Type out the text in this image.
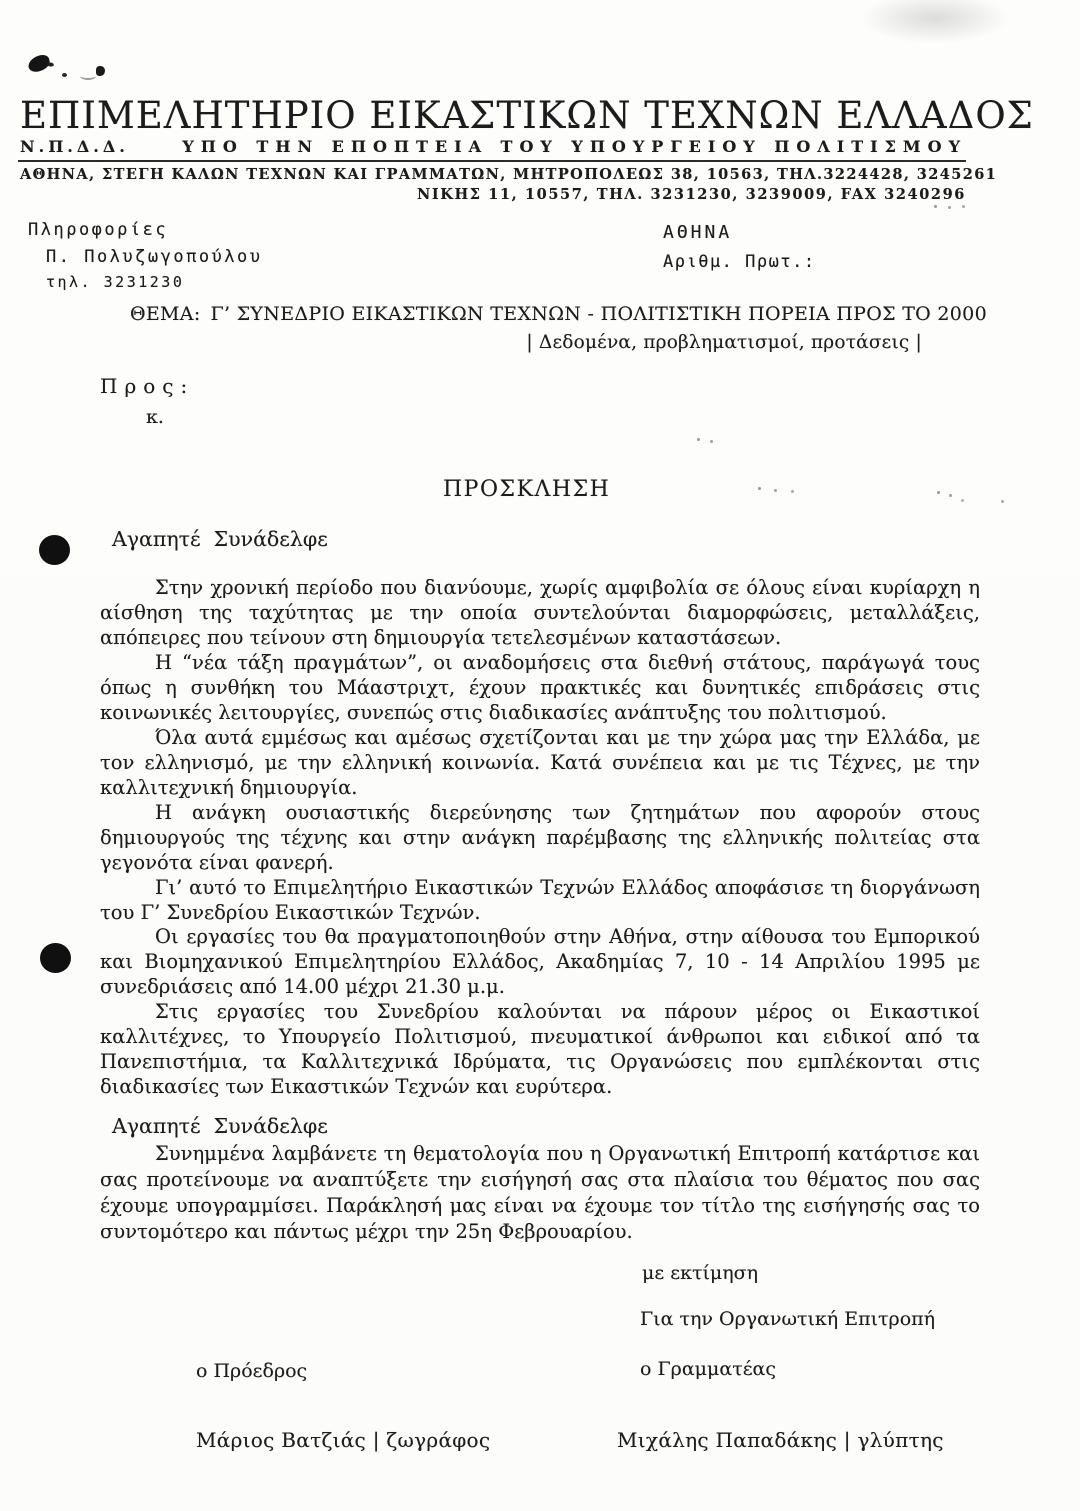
ΕΠΙΜΕΛΗΤΗΡΙΟ ΕΙΚΑΣΤΙΚΩΝ ΤΕΧΝΩΝ ΕΛΛΑΔΟΣ
Ν.Π.Δ.Δ.	ΥΠΟ ΤΗΝ ΕΠΟΠΤΕΙΑ ΤΟΥ ΥΠΟΥΡΓΕΙΟΥ ΠΟΛΙΤΙΣΜΟΥ
ΑΘΗΝΑ, ΣΤΕΓΗ ΚΑΛΩΝ ΤΕΧΝΩΝ ΚΑΙ ΓΡΑΜΜΑΤΩΝ, ΜΗΤΡΟΠΟΛΕΩΣ 38, 10563, ΤΗΛ.3224428, 3245261
ΝΙΚΗΣ 11, 10557, ΤΗΛ. 3231230, 3239009, FAX 3240296
Πληροφορίες
Π. Πολυζωγοπούλου
τηλ. 3231230
ΑΘΗΝΑ
Αριθμ. Πρωτ.:
ΘΕΜΑ: Γ’ ΣΥΝΕΔΡΙΟ ΕΙΚΑΣΤΙΚΩΝ ΤΕΧΝΩΝ - ΠΟΛΙΤΙΣΤΙΚΗ ΠΟΡΕΙΑ ΠΡΟΣ ΤΟ 2000
| Δεδομένα, προβληματισμοί, προτάσεις |
Προς:
κ.
ΠΡΟΣΚΛΗΣΗ
Αγαπητέ  Συνάδελφε

Στην χρονική περίοδο που διανύουμε, χωρίς αμφιβολία σε όλους είναι κυρίαρχη η αίσθηση της ταχύτητας με την οποία συντελούνται διαμορφώσεις, μεταλλάξεις, απόπειρες που τείνουν στη δημιουργία τετελεσμένων καταστάσεων.

Η “νέα τάξη πραγμάτων”, οι αναδομήσεις στα διεθνή στάτους, παράγωγά τους όπως η συνθήκη του Μάαστριχτ, έχουν πρακτικές και δυνητικές επιδράσεις στις κοινωνικές λειτουργίες, συνεπώς στις διαδικασίες ανάπτυξης του πολιτισμού.

Όλα αυτά εμμέσως και αμέσως σχετίζονται και με την χώρα μας την Ελλάδα, με τον ελληνισμό, με την ελληνική κοινωνία. Κατά συνέπεια και με τις Τέχνες, με την καλλιτεχνική δημιουργία.

Η ανάγκη ουσιαστικής διερεύνησης των ζητημάτων που αφορούν στους δημιουργούς της τέχνης και στην ανάγκη παρέμβασης της ελληνικής πολιτείας στα γεγονότα είναι φανερή.

Γι’ αυτό το Επιμελητήριο Εικαστικών Τεχνών Ελλάδος αποφάσισε τη διοργάνωση του Γ’ Συνεδρίου Εικαστικών Τεχνών.

Οι εργασίες του θα πραγματοποιηθούν στην Αθήνα, στην αίθουσα του Εμπορικού και Βιομηχανικού Επιμελητηρίου Ελλάδος, Ακαδημίας 7, 10 - 14 Απριλίου 1995 με συνεδριάσεις από 14.00 μέχρι 21.30 μ.μ.

Στις εργασίες του Συνεδρίου καλούνται να πάρουν μέρος οι Εικαστικοί καλλιτέχνες, το Υπουργείο Πολιτισμού, πνευματικοί άνθρωποι και ειδικοί από τα Πανεπιστήμια, τα Καλλιτεχνικά Ιδρύματα, τις Οργανώσεις που εμπλέκονται στις διαδικασίες των Εικαστικών Τεχνών και ευρύτερα.

Αγαπητέ  Συνάδελφε

Συνημμένα λαμβάνετε τη θεματολογία που η Οργανωτική Επιτροπή κατάρτισε και σας προτείνουμε να αναπτύξετε την εισήγησή σας στα πλαίσια του θέματος που σας έχουμε υπογραμμίσει. Παράκλησή μας είναι να έχουμε τον τίτλο της εισήγησής σας το συντομότερο και πάντως μέχρι την 25η Φεβρουαρίου.

με εκτίμηση
Για την Οργανωτική Επιτροπή
ο Πρόεδρος	ο Γραμματέας
Μάριος Βατζιάς | ζωγράφος	Μιχάλης Παπαδάκης | γλύπτης
